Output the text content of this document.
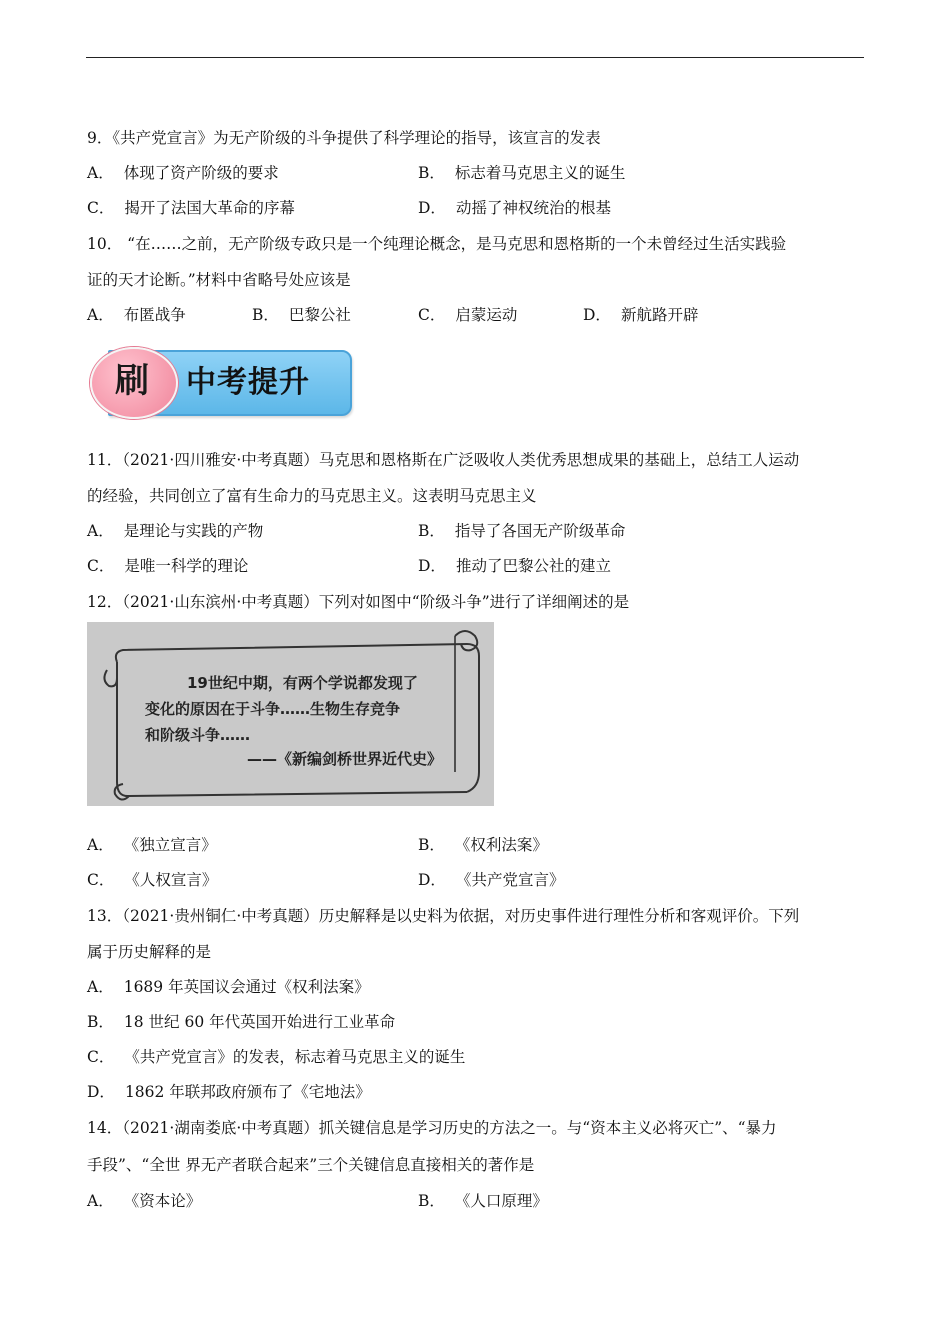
9．《共产党宣言》为无产阶级的斗争提供了科学理论的指导，该宣言的发表
A． 体现了资产阶级的要求	B． 标志着马克思主义的诞生
C． 揭开了法国大革命的序幕	D． 动摇了神权统治的根基
10． “在……之前，无产阶级专政只是一个纯理论概念，是马克思和恩格斯的一个未曾经过生活实践验
证的天才论断。”材料中省略号处应该是
A． 布匿战争	B． 巴黎公社	C． 启蒙运动	D． 新航路开辟
刷	中考提升
11．（2021·四川雅安·中考真题）马克思和恩格斯在广泛吸收人类优秀思想成果的基础上，总结工人运动
的经验，共同创立了富有生命力的马克思主义。这表明马克思主义
A． 是理论与实践的产物	B． 指导了各国无产阶级革命
C． 是唯一科学的理论	D． 推动了巴黎公社的建立
12．（2021·山东滨州·中考真题）下列对如图中“阶级斗争”进行了详细阐述的是
19世纪中期，有两个学说都发现了
变化的原因在于斗争……生物生存竞争
和阶级斗争……
——《新编剑桥世界近代史》
A． 《独立宣言》	B． 《权利法案》
C． 《人权宣言》	D． 《共产党宣言》
13．（2021·贵州铜仁·中考真题）历史解释是以史料为依据，对历史事件进行理性分析和客观评价。下列
属于历史解释的是
A． 1689 年英国议会通过《权利法案》
B． 18 世纪 60 年代英国开始进行工业革命
C． 《共产党宣言》的发表，标志着马克思主义的诞生
D． 1862 年联邦政府颁布了《宅地法》
14．（2021·湖南娄底·中考真题）抓关键信息是学习历史的方法之一。与“资本主义必将灭亡”、“暴力
手段”、“全世 界无产者联合起来”三个关键信息直接相关的著作是
A． 《资本论》	B． 《人口原理》
